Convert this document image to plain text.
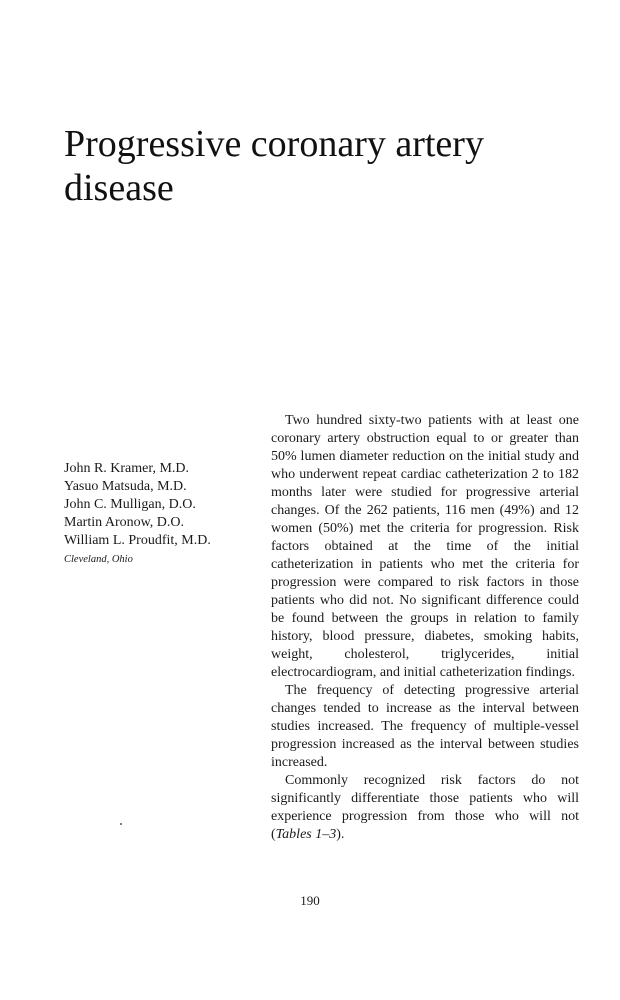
Progressive coronary artery disease
John R. Kramer, M.D.
Yasuo Matsuda, M.D.
John C. Mulligan, D.O.
Martin Aronow, D.O.
William L. Proudfit, M.D.
Cleveland, Ohio

Two hundred sixty-two patients with at least one coronary artery obstruction equal to or greater than 50% lumen diameter reduction on the initial study and who underwent repeat cardiac catheterization 2 to 182 months later were studied for progressive arterial changes. Of the 262 patients, 116 men (49%) and 12 women (50%) met the criteria for progression. Risk factors obtained at the time of the initial catheterization in patients who met the criteria for progression were compared to risk factors in those patients who did not. No significant difference could be found between the groups in relation to family history, blood pressure, diabetes, smoking habits, weight, cholesterol, triglycerides, initial electrocardiogram, and initial catheterization findings.

The frequency of detecting progressive arterial changes tended to increase as the interval between studies increased. The frequency of multiple-vessel progression increased as the interval between studies increased.

Commonly recognized risk factors do not significantly differentiate those patients who will experience progression from those who will not (Tables 1–3).

190
